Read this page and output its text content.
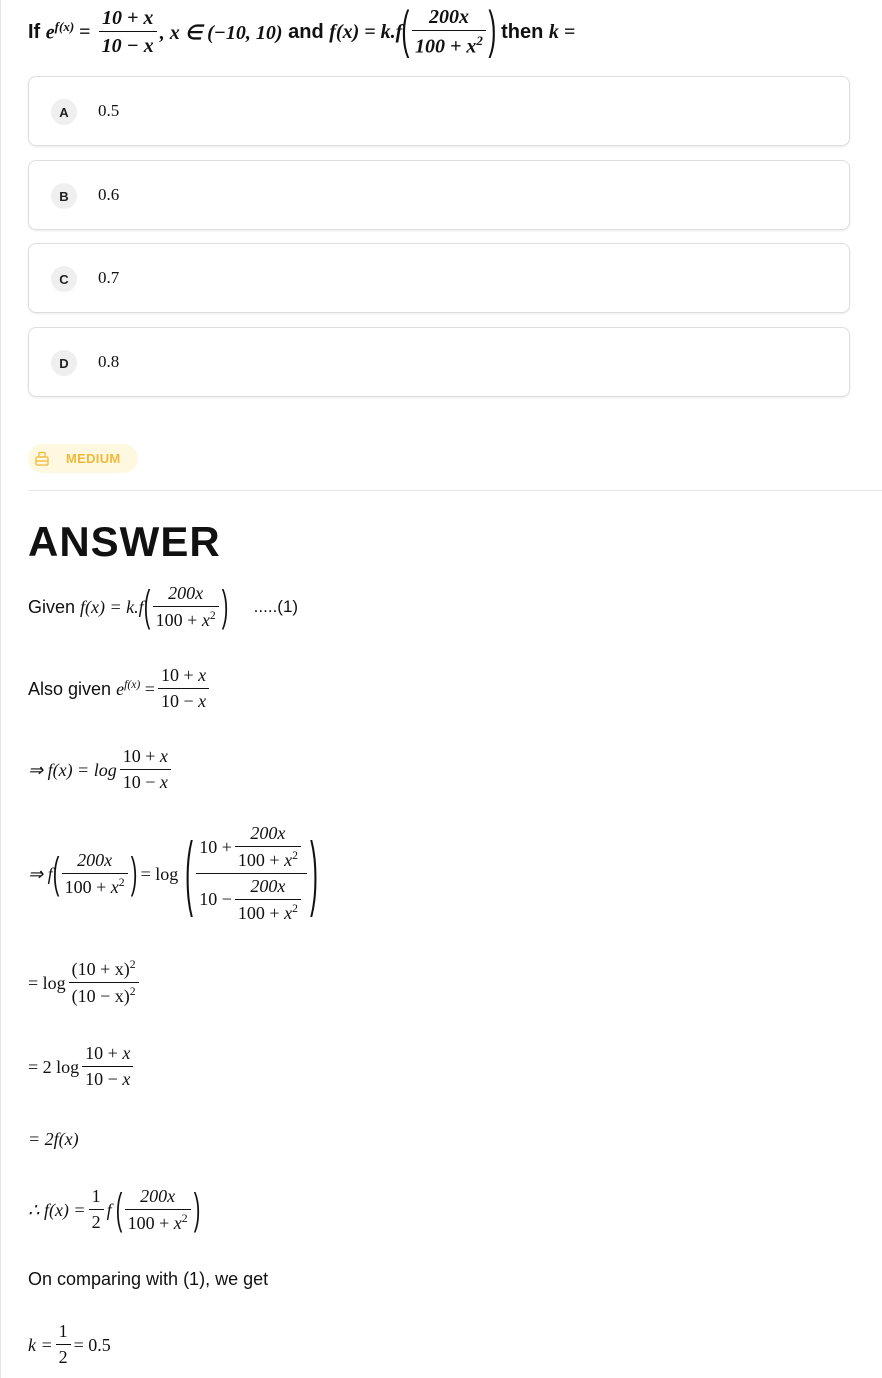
If
$e^{f(x)} = \frac{10 + x}{10 - x}$ , x ∈ (−10, 10)
and
f(x) = k.f ( $\frac{200x}{100 + x^2}$ )
then
k =
A	0.5
B	0.6
C	0.7
D	0.8
MEDIUM
ANSWER
Given
f(x) = k.f ( $\frac{200x}{100 + x^2}$ ) .....(1)
Also given
$e^{f(x)}$
= $\frac{10 + x}{10 - x}$
⇒ $f(x) = \log \frac{10 + x}{10 - x}$
⇒ f ( $\frac{200x}{100 + x^2}$ ) = log ( $\frac{10 + \frac{200x}{100 + x^2}}{10 - \frac{200x}{100 + x^2}}$ )
= $\log \frac{(10 + x)^2}{(10 - x)^2}$
= 2 $\log \frac{10 + x}{10 - x}$
= 2f(x)
∴ $f(x) = \frac{1}{2}$ f ( $\frac{200x}{100 + x^2}$ )
On comparing with (1), we get
$k = \frac{1}{2} = 0.5$
